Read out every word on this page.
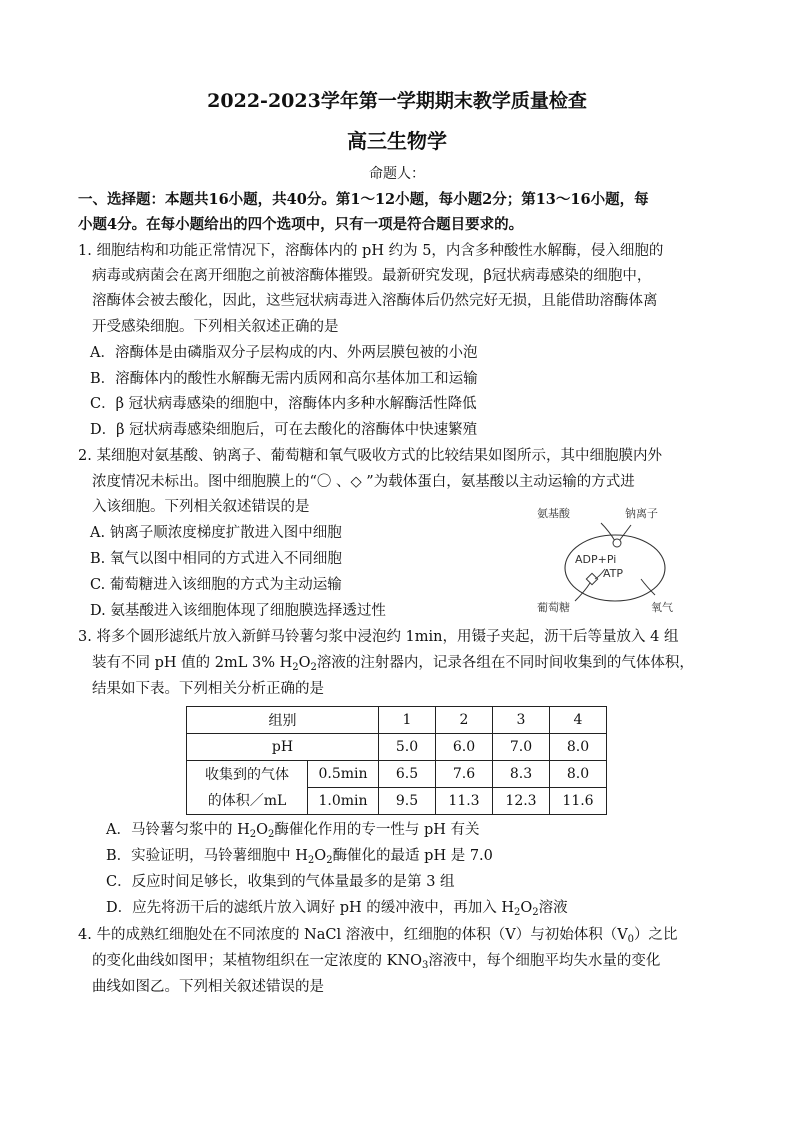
2022-2023学年第一学期期末教学质量检查
高三生物学
命题人：
一、选择题：本题共16小题，共40分。第1～12小题，每小题2分；第13～16小题，每
小题4分。在每小题给出的四个选项中，只有一项是符合题目要求的。
1. 细胞结构和功能正常情况下，溶酶体内的 pH 约为 5，内含多种酸性水解酶，侵入细胞的
病毒或病菌会在离开细胞之前被溶酶体摧毁。最新研究发现，β冠状病毒感染的细胞中，
溶酶体会被去酸化，因此，这些冠状病毒进入溶酶体后仍然完好无损，且能借助溶酶体离
开受感染细胞。下列相关叙述正确的是
A．溶酶体是由磷脂双分子层构成的内、外两层膜包被的小泡
B．溶酶体内的酸性水解酶无需内质网和高尔基体加工和运输
C．β 冠状病毒感染的细胞中，溶酶体内多种水解酶活性降低
D．β 冠状病毒感染细胞后，可在去酸化的溶酶体中快速繁殖
2. 某细胞对氨基酸、钠离子、葡萄糖和氧气吸收方式的比较结果如图所示，其中细胞膜内外
浓度情况未标出。图中细胞膜上的“〇 、◇ ”为载体蛋白，氨基酸以主动运输的方式进
入该细胞。下列相关叙述错误的是
A. 钠离子顺浓度梯度扩散进入图中细胞
B. 氧气以图中相同的方式进入不同细胞
C. 葡萄糖进入该细胞的方式为主动运输
D. 氨基酸进入该细胞体现了细胞膜选择透过性
氨基酸	钠离子
ADP+Pi
ATP
葡萄糖	氧气
3. 将多个圆形滤纸片放入新鲜马铃薯匀浆中浸泡约 1min，用镊子夹起，沥干后等量放入 4 组
装有不同 pH 值的 2mL 3% $H_2O_2$溶液的注射器内，记录各组在不同时间收集到的气体体积，
结果如下表。下列相关分析正确的是
组别		1	2	3	4
pH		5.0	6.0	7.0	8.0

收集到的气体
的体积／mL	0.5min	6.5	7.6	8.3	8.0
	1.0min	9.5	11.3	12.3	11.6
A．马铃薯匀浆中的 $H_2O_2$酶催化作用的专一性与 pH 有关
B．实验证明，马铃薯细胞中 $H_2O_2$酶催化的最适 pH 是 7.0
C．反应时间足够长，收集到的气体量最多的是第 3 组
D．应先将沥干后的滤纸片放入调好 pH 的缓冲液中，再加入 $H_2O_2$溶液
4. 牛的成熟红细胞处在不同浓度的 NaCl 溶液中，红细胞的体积（V）与初始体积$(V_0)$之比
的变化曲线如图甲；某植物组织在一定浓度的 $KNO_3$溶液中，每个细胞平均失水量的变化
曲线如图乙。下列相关叙述错误的是
